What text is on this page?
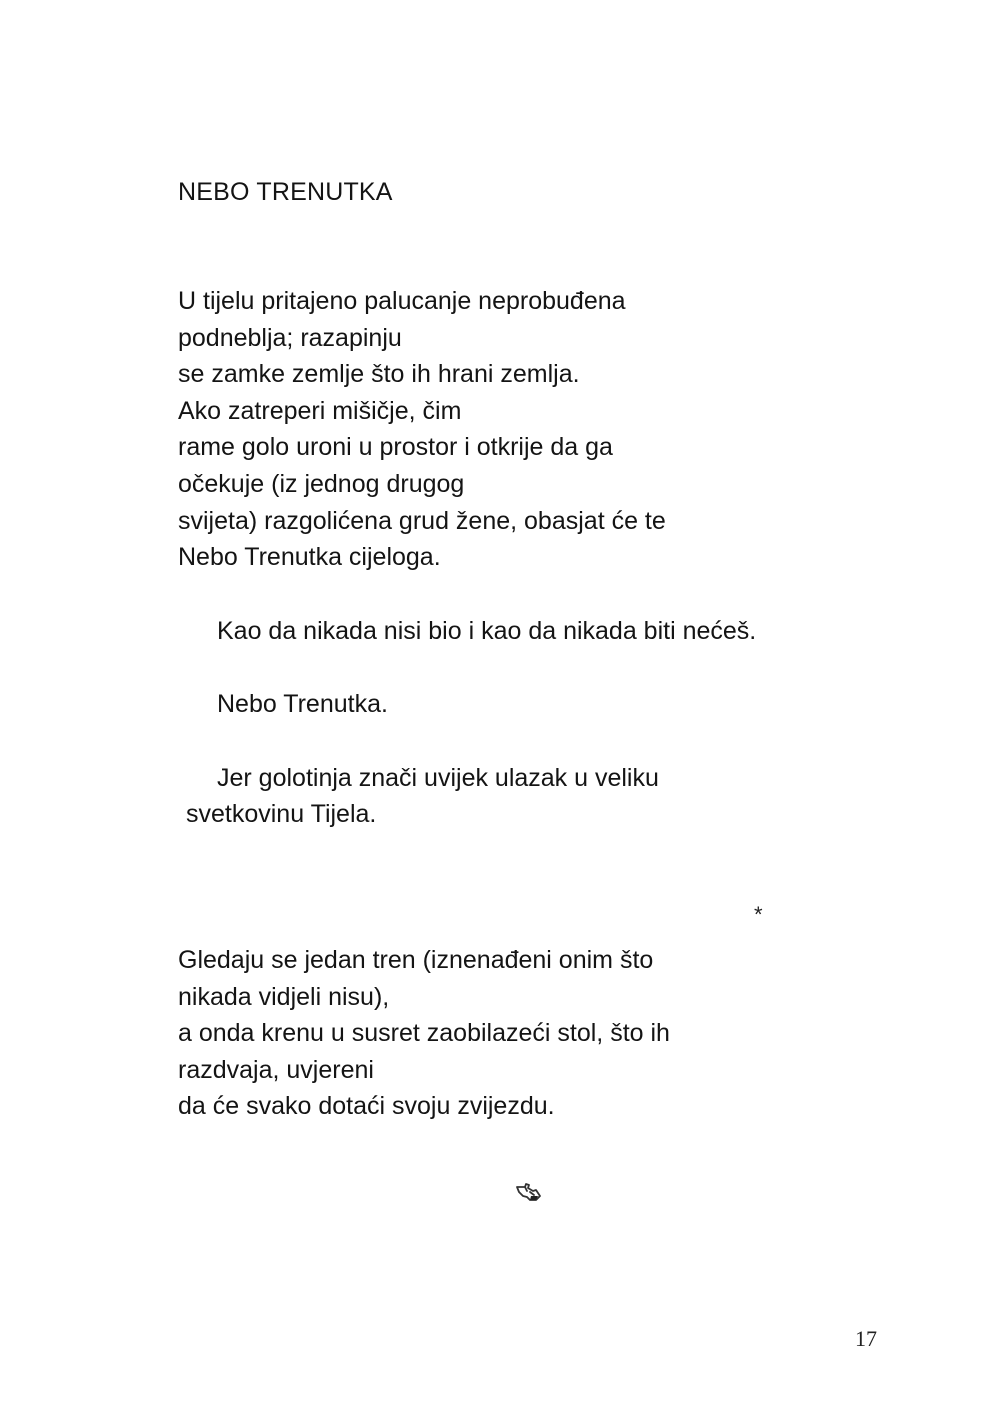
NEBO TRENUTKA
U tijelu pritajeno palucanje neprobuđena
podneblja; razapinju
se zamke zemlje što ih hrani zemlja.
Ako zatreperi mišičje, čim
rame golo uroni u prostor i otkrije da ga
očekuje (iz jednog drugog
svijeta) razgolićena grud žene, obasjat će te
Nebo Trenutka cijeloga.
Kao da nikada nisi bio i kao da nikada biti nećeš.
Nebo Trenutka.
Jer golotinja znači uvijek ulazak u veliku
svetkovinu Tijela.
*
Gledaju se jedan tren (iznenađeni onim što
nikada vidjeli nisu),
a onda krenu u susret zaobilazeći stol, što ih
razdvaja, uvjereni
da će svako dotaći svoju zvijezdu.
17
